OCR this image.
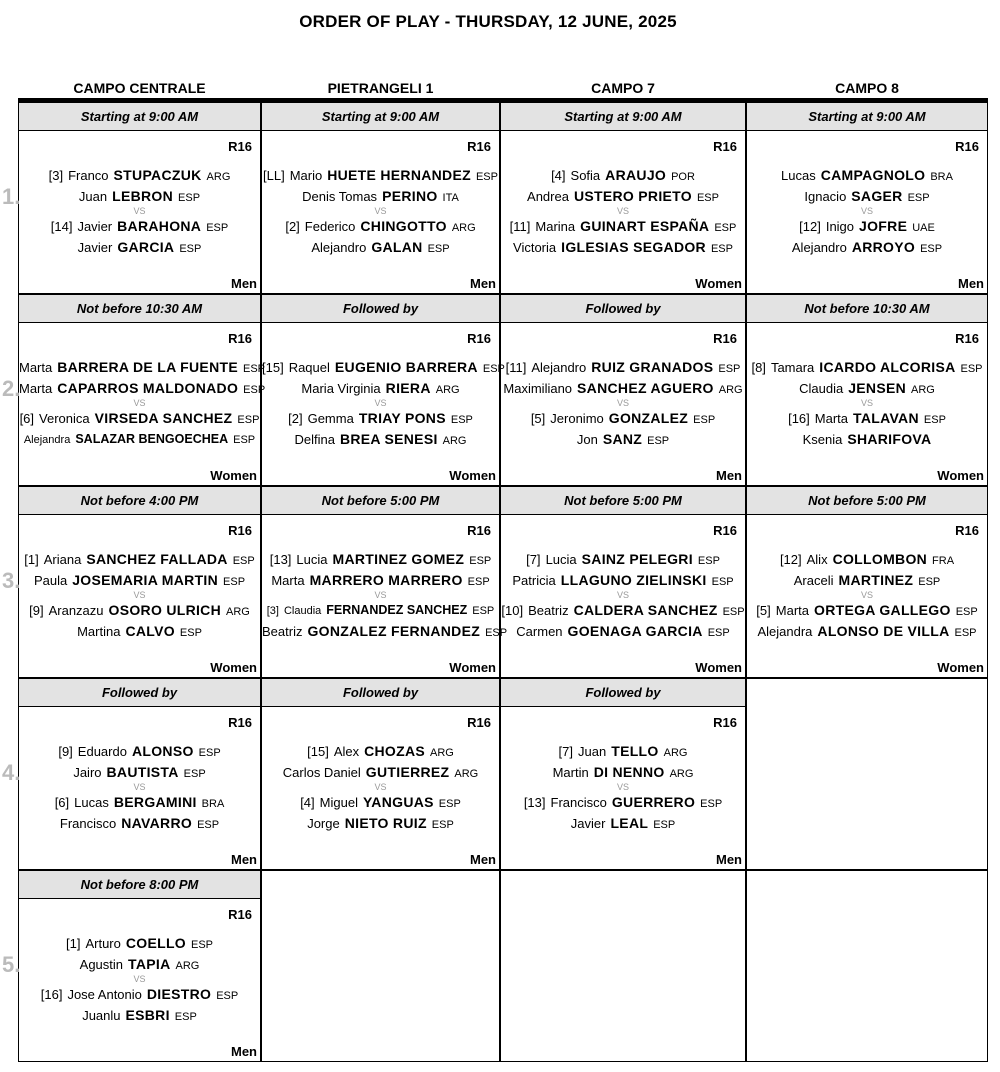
ORDER OF PLAY - THURSDAY, 12 JUNE, 2025
CAMPO CENTRALE	PIETRANGELI 1	CAMPO 7	CAMPO 8
1.
Starting at 9:00 AM
R16
[3] Franco STUPACZUK ARG
Juan LEBRON ESP
VS
[14] Javier BARAHONA ESP
Javier GARCIA ESP
Men
Starting at 9:00 AM
R16
[LL] Mario HUETE HERNANDEZ ESP
Denis Tomas PERINO ITA
VS
[2] Federico CHINGOTTO ARG
Alejandro GALAN ESP
Men
Starting at 9:00 AM
R16
[4] Sofia ARAUJO POR
Andrea USTERO PRIETO ESP
VS
[11] Marina GUINART ESPAÑA ESP
Victoria IGLESIAS SEGADOR ESP
Women
Starting at 9:00 AM
R16
Lucas CAMPAGNOLO BRA
Ignacio SAGER ESP
VS
[12] Inigo JOFRE UAE
Alejandro ARROYO ESP
Men
2.
Not before 10:30 AM
R16
Marta BARRERA DE LA FUENTE ESP
Marta CAPARROS MALDONADO ESP
VS
[6] Veronica VIRSEDA SANCHEZ ESP
Alejandra SALAZAR BENGOECHEA ESP
Women
Followed by
R16
[15] Raquel EUGENIO BARRERA ESP
Maria Virginia RIERA ARG
VS
[2] Gemma TRIAY PONS ESP
Delfina BREA SENESI ARG
Women
Followed by
R16
[11] Alejandro RUIZ GRANADOS ESP
Maximiliano SANCHEZ AGUERO ARG
VS
[5] Jeronimo GONZALEZ ESP
Jon SANZ ESP
Men
Not before 10:30 AM
R16
[8] Tamara ICARDO ALCORISA ESP
Claudia JENSEN ARG
VS
[16] Marta TALAVAN ESP
Ksenia SHARIFOVA
Women
3.
Not before 4:00 PM
R16
[1] Ariana SANCHEZ FALLADA ESP
Paula JOSEMARIA MARTIN ESP
VS
[9] Aranzazu OSORO ULRICH ARG
Martina CALVO ESP
Women
Not before 5:00 PM
R16
[13] Lucia MARTINEZ GOMEZ ESP
Marta MARRERO MARRERO ESP
VS
[3] Claudia FERNANDEZ SANCHEZ ESP
Beatriz GONZALEZ FERNANDEZ ESP
Women
Not before 5:00 PM
R16
[7] Lucia SAINZ PELEGRI ESP
Patricia LLAGUNO ZIELINSKI ESP
VS
[10] Beatriz CALDERA SANCHEZ ESP
Carmen GOENAGA GARCIA ESP
Women
Not before 5:00 PM
R16
[12] Alix COLLOMBON FRA
Araceli MARTINEZ ESP
VS
[5] Marta ORTEGA GALLEGO ESP
Alejandra ALONSO DE VILLA ESP
Women
4.
Followed by
R16
[9] Eduardo ALONSO ESP
Jairo BAUTISTA ESP
VS
[6] Lucas BERGAMINI BRA
Francisco NAVARRO ESP
Men
Followed by
R16
[15] Alex CHOZAS ARG
Carlos Daniel GUTIERREZ ARG
VS
[4] Miguel YANGUAS ESP
Jorge NIETO RUIZ ESP
Men
Followed by
R16
[7] Juan TELLO ARG
Martin DI NENNO ARG
VS
[13] Francisco GUERRERO ESP
Javier LEAL ESP
Men
5.
Not before 8:00 PM
R16
[1] Arturo COELLO ESP
Agustin TAPIA ARG
VS
[16] Jose Antonio DIESTRO ESP
Juanlu ESBRI ESP
Men
